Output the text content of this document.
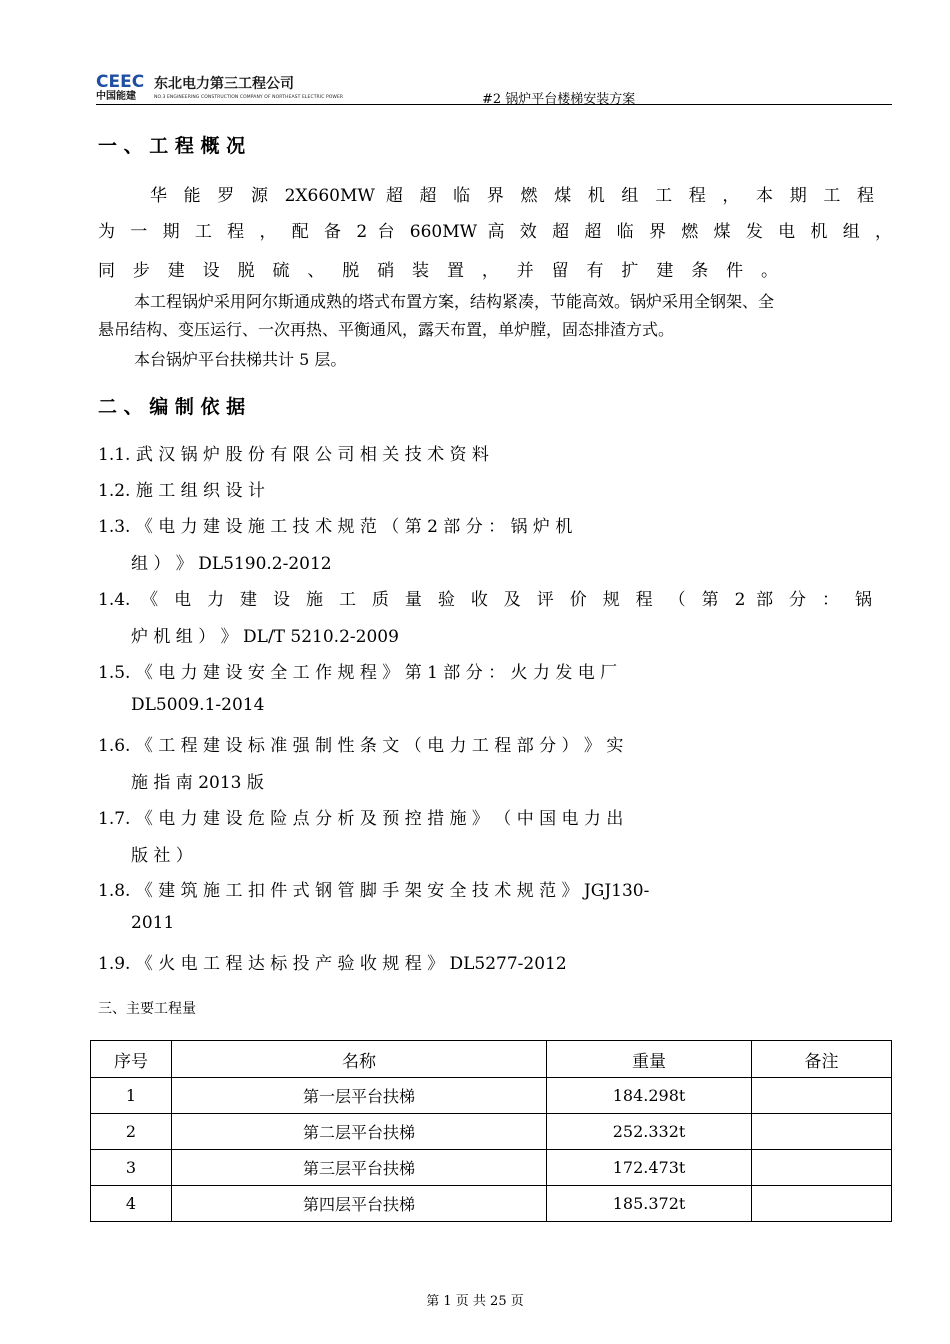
CEEC
中国能建
东北电力第三工程公司
NO.3 ENGINEERING CONSTRUCTION COMPANY OF NORTHEAST ELECTRIC POWER	#2 锅炉平台楼梯安装方案
一 、 工 程 概 况
华 能 罗 源 2X660MW 超 超 临 界 燃 煤 机 组 工 程 ， 本 期 工 程
为 一 期 工 程 ， 配 备 2 台 660MW 高 效 超 超 临 界 燃 煤 发 电 机 组 ，
同 步 建 设 脱 硫 、 脱 硝 装 置 ， 并 留 有 扩 建 条 件 。
本工程锅炉采用阿尔斯通成熟的塔式布置方案，结构紧凑，节能高效。锅炉采用全钢架、全
悬吊结构、变压运行、一次再热、平衡通风，露天布置，单炉膛，固态排渣方式。
本台锅炉平台扶梯共计 5 层。
二 、 编 制 依 据
1.1. 武 汉 锅 炉 股 份 有 限 公 司 相 关 技 术 资 料
1.2. 施 工 组 织 设 计
1.3. 《 电 力 建 设 施 工 技 术 规 范 （ 第 2 部 分 ： 锅 炉 机
组 ） 》 DL5190.2-2012
1.4. 《 电 力 建 设 施 工 质 量 验 收 及 评 价 规 程 （ 第 2 部 分 ： 锅
炉 机 组 ） 》 DL/T 5210.2-2009
1.5. 《 电 力 建 设 安 全 工 作 规 程 》 第 1 部 分 ： 火 力 发 电 厂
DL5009.1-2014
1.6. 《 工 程 建 设 标 准 强 制 性 条 文 （ 电 力 工 程 部 分 ） 》 实
施 指 南 2013 版
1.7. 《 电 力 建 设 危 险 点 分 析 及 预 控 措 施 》 （ 中 国 电 力 出
版 社 ）
1.8. 《 建 筑 施 工 扣 件 式 钢 管 脚 手 架 安 全 技 术 规 范 》 JGJ130-
2011
1.9. 《 火 电 工 程 达 标 投 产 验 收 规 程 》 DL5277-2012
三、主要工程量
序号	名称	重量	备注
1	第一层平台扶梯	184.298t	
2	第二层平台扶梯	252.332t	
3	第三层平台扶梯	172.473t	
4	第四层平台扶梯	185.372t	
第 1 页 共 25 页
